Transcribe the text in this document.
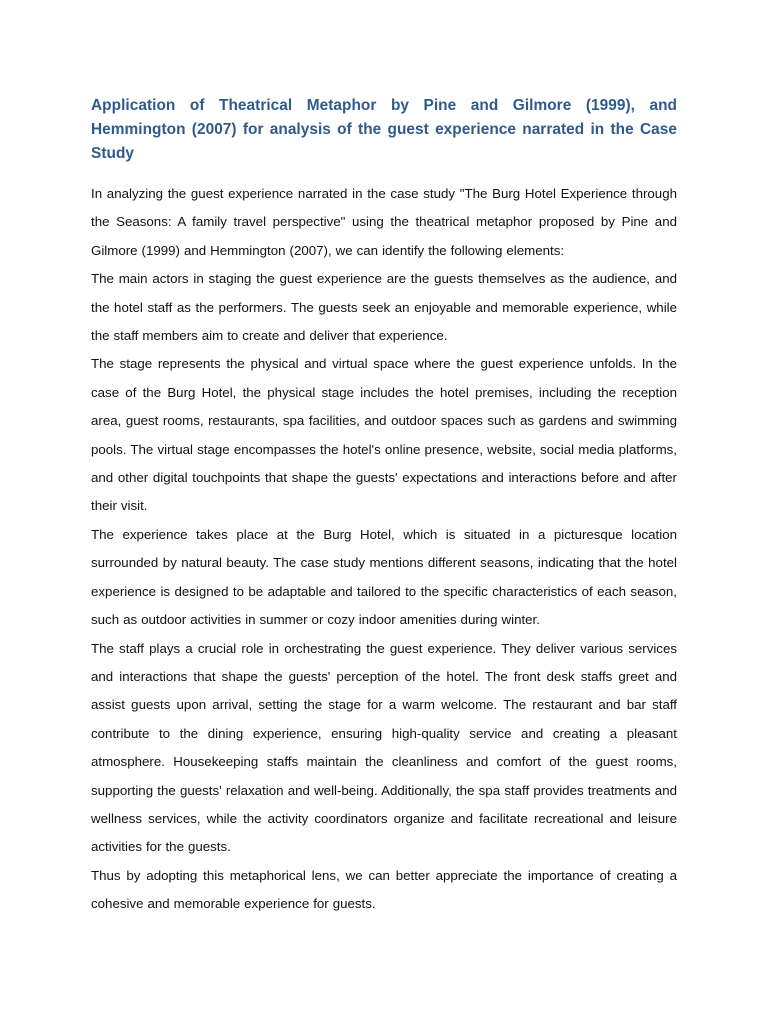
Application of Theatrical Metaphor by Pine and Gilmore (1999), and Hemmington (2007) for analysis of the guest experience narrated in the Case Study

In analyzing the guest experience narrated in the case study "The Burg Hotel Experience through the Seasons: A family travel perspective" using the theatrical metaphor proposed by Pine and Gilmore (1999) and Hemmington (2007), we can identify the following elements:

The main actors in staging the guest experience are the guests themselves as the audience, and the hotel staff as the performers. The guests seek an enjoyable and memorable experience, while the staff members aim to create and deliver that experience.

The stage represents the physical and virtual space where the guest experience unfolds. In the case of the Burg Hotel, the physical stage includes the hotel premises, including the reception area, guest rooms, restaurants, spa facilities, and outdoor spaces such as gardens and swimming pools. The virtual stage encompasses the hotel's online presence, website, social media platforms, and other digital touchpoints that shape the guests' expectations and interactions before and after their visit.

The experience takes place at the Burg Hotel, which is situated in a picturesque location surrounded by natural beauty. The case study mentions different seasons, indicating that the hotel experience is designed to be adaptable and tailored to the specific characteristics of each season, such as outdoor activities in summer or cozy indoor amenities during winter.

The staff plays a crucial role in orchestrating the guest experience. They deliver various services and interactions that shape the guests' perception of the hotel. The front desk staffs greet and assist guests upon arrival, setting the stage for a warm welcome. The restaurant and bar staff contribute to the dining experience, ensuring high-quality service and creating a pleasant atmosphere. Housekeeping staffs maintain the cleanliness and comfort of the guest rooms, supporting the guests' relaxation and well-being. Additionally, the spa staff provides treatments and wellness services, while the activity coordinators organize and facilitate recreational and leisure activities for the guests.

Thus by adopting this metaphorical lens, we can better appreciate the importance of creating a cohesive and memorable experience for guests.
